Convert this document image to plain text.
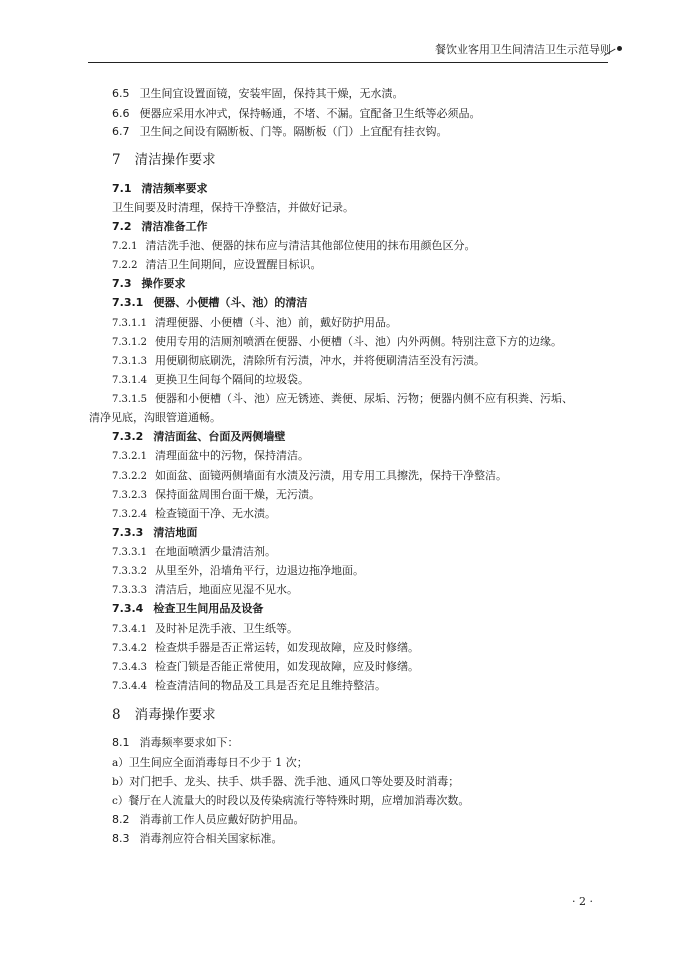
餐饮业客用卫生间清洁卫生示范导则
6.5 卫生间宜设置面镜，安装牢固，保持其干燥，无水渍。
6.6 便器应采用水冲式，保持畅通，不堵、不漏。宜配备卫生纸等必须品。
6.7 卫生间之间设有隔断板、门等。隔断板（门）上宜配有挂衣钩。
7 清洁操作要求
7.1 清洁频率要求
卫生间要及时清理，保持干净整洁，并做好记录。
7.2 清洁准备工作
7.2.1 清洁洗手池、便器的抹布应与清洁其他部位使用的抹布用颜色区分。
7.2.2 清洁卫生间期间，应设置醒目标识。
7.3 操作要求
7.3.1 便器、小便槽（斗、池）的清洁
7.3.1.1 清理便器、小便槽（斗、池）前，戴好防护用品。
7.3.1.2 使用专用的洁厕剂喷洒在便器、小便槽（斗、池）内外两侧。特别注意下方的边缘。
7.3.1.3 用便刷彻底刷洗，清除所有污渍，冲水，并将便刷清洁至没有污渍。
7.3.1.4 更换卫生间每个隔间的垃圾袋。
7.3.1.5 便器和小便槽（斗、池）应无锈迹、粪便、尿垢、污物；便器内侧不应有积粪、污垢、
清净见底，沟眼管道通畅。
7.3.2 清洁面盆、台面及两侧墙壁
7.3.2.1 清理面盆中的污物，保持清洁。
7.3.2.2 如面盆、面镜两侧墙面有水渍及污渍，用专用工具擦洗，保持干净整洁。
7.3.2.3 保持面盆周围台面干燥，无污渍。
7.3.2.4 检查镜面干净、无水渍。
7.3.3 清洁地面
7.3.3.1 在地面喷洒少量清洁剂。
7.3.3.2 从里至外，沿墙角平行，边退边拖净地面。
7.3.3.3 清洁后，地面应见湿不见水。
7.3.4 检查卫生间用品及设备
7.3.4.1 及时补足洗手液、卫生纸等。
7.3.4.2 检查烘手器是否正常运转，如发现故障，应及时修缮。
7.3.4.3 检查门锁是否能正常使用，如发现故障，应及时修缮。
7.3.4.4 检查清洁间的物品及工具是否充足且维持整洁。
8 消毒操作要求
8.1 消毒频率要求如下：
a）卫生间应全面消毒每日不少于 1 次；
b）对门把手、龙头、扶手、烘手器、洗手池、通风口等处要及时消毒；
c）餐厅在人流量大的时段以及传染病流行等特殊时期，应增加消毒次数。
8.2 消毒前工作人员应戴好防护用品。
8.3 消毒剂应符合相关国家标准。
· 2 ·
